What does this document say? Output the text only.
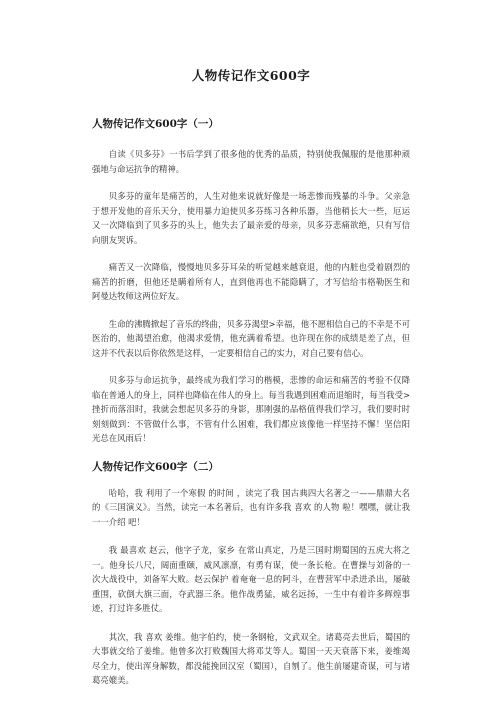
人物传记作文600字
人物传记作文600字（一）

自读《贝多芬》一书后学到了很多他的优秀的品质，特别使我佩服的是他那种顽强地与命运抗争的精神。

贝多芬的童年是痛苦的，人生对他来说就好像是一场悲惨而残暴的斗争。父亲急于想开发他的音乐天分，使用暴力迫使贝多芬练习各种乐器，当他稍长大一些，厄运又一次降临到了贝多芬的头上，他失去了最亲爱的母亲，贝多芬悲痛欲绝，只有写信向朋友哭诉。

痛苦又一次降临，慢慢地贝多芬耳朵的听觉越来越衰退，他的内脏也受着剧烈的痛苦的折磨，但他还是瞒着所有人，直到他再也不能隐瞒了，才写信给韦格勒医生和阿曼达牧师这两位好友。

生命的沸腾掀起了音乐的终曲，贝多芬渴望>幸福，他不愿相信自己的不幸是不可医治的，他渴望治愈，他渴求爱情，他充满着希望。也许现在你的成绩是差了点，但这并不代表以后你依然是这样，一定要相信自己的实力，对自己要有信心。

贝多芬与命运抗争，最终成为我们学习的楷模，悲惨的命运和痛苦的考验不仅降临在普通人的身上，同样也降临在伟人的身上。每当我遇到困难而退缩时，每当我受>挫折而落泪时，我就会想起贝多芬的身影，那刚强的品格值得我们学习，我们要时时刻刻做到：不管做什么事，不管有什么困难，我们都应该像他一样坚持不懈！坚信阳光总在风雨后！

人物传记作文600字（二）

哈哈，我 利用了一个寒假 的时间 ，读完了我 国古典四大名著之一——鼎鼎大名的《三国演义》。当然，读完一本名著后，也有许多我 喜欢 的人物 啦！嘿嘿，就让我 一一介绍 吧！

我 最喜欢 赵云，他字子龙，家乡 在常山真定，乃是三国时期蜀国的五虎大将之一。他身长八尺，阔面重颐，威风凛凛，有勇有谋，使一条长枪。在曹操与刘备的一次大战役中，刘备军大败。赵云保护 着奄奄一息的阿斗，在曹营军中杀进杀出，屡破重围，砍倒大旗三面，夺武器三条。他作战勇猛，威名远扬，一生中有着许多辉煌事迹，打过许多胜仗。

其次，我 喜欢 姜维。他字伯约，使一条钢枪，文武双全。诸葛亮去世后，蜀国的大事就交给了姜维。他曾多次打败魏国大将邓艾等人。蜀国一天天衰落下来，姜维竭尽全力，使出浑身解数，都没能挽回汉室（蜀国），自刎了。他生前屡建奇谋，可与诸葛亮媲美。
